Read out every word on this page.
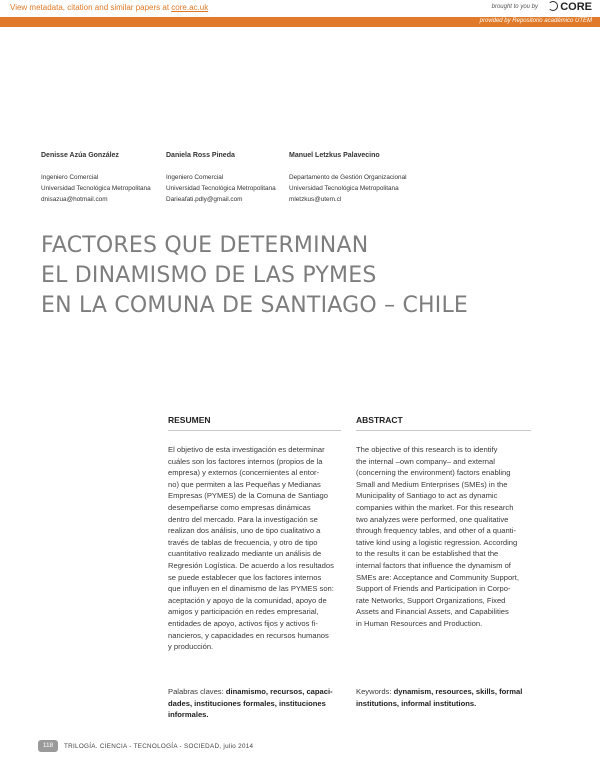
View metadata, citation and similar papers at core.ac.uk	brought to you by	CORE
provided by Repositorio académico UTEM
Denisse Azúa González
Ingeniero Comercial
Universidad Tecnológica Metropolitana
dnisazua@hotmail.com
Daniela Ross Pineda
Ingeniero Comercial
Universidad Tecnológica Metropolitana
Darieafati.pdly@gmail.com
Manuel Letzkus Palavecino
Departamento de Gestión Organizacional
Universidad Tecnológica Metropolitana
mletzkus@utem.cl
FACTORES QUE DETERMINAN
EL DINAMISMO DE LAS PYMES
EN LA COMUNA DE SANTIAGO – CHILE
RESUMEN
El objetivo de esta investigación es determinar
cuáles son los factores internos (propios de la
empresa) y externos (concernientes al entor-
no) que permiten a las Pequeñas y Medianas
Empresas (PYMES) de la Comuna de Santiago
desempeñarse como empresas dinámicas
dentro del mercado. Para la investigación se
realizan dos análisis, uno de tipo cualitativo a
través de tablas de frecuencia, y otro de tipo
cuantitativo realizado mediante un análisis de
Regresión Logística. De acuerdo a los resultados
se puede establecer que los factores internos
que influyen en el dinamismo de las PYMES son:
aceptación y apoyo de la comunidad, apoyo de
amigos y participación en redes empresarial,
entidades de apoyo, activos fijos y activos fi-
nancieros, y capacidades en recursos humanos
y producción.
Palabras claves: dinamismo, recursos, capaci-
dades, instituciones formales, instituciones
informales.
ABSTRACT
The objective of this research is to identify
the internal –own company– and external
(concerning the environment) factors enabling
Small and Medium Enterprises (SMEs) in the
Municipality of Santiago to act as dynamic
companies within the market. For this research
two analyzes were performed, one qualitative
through frequency tables, and other of a quanti-
tative kind using a logistic regression. According
to the results it can be established that the
internal factors that influence the dynamism of
SMEs are: Acceptance and Community Support,
Support of Friends and Participation in Corpo-
rate Networks, Support Organizations, Fixed
Assets and Financial Assets, and Capabilities
in Human Resources and Production.
Keywords: dynamism, resources, skills, formal
institutions, informal institutions.
118	TRILOGÍA. CIENCIA - TECNOLOGÍA - SOCIEDAD, julio 2014
